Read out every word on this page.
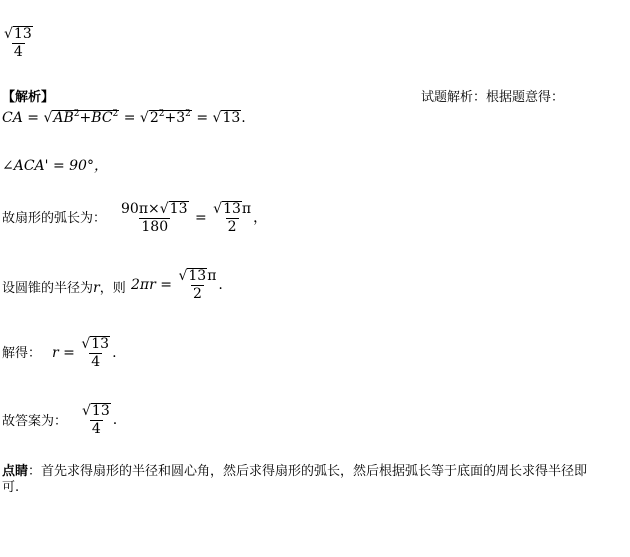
$\frac{√ 13}{4}$
【解析】	试题解析：根据题意得：
CA = √ $AB^2+BC^2$ = √ $2^2+3^2$ = √ 13 .
∠ACA' = 90°，
故扇形的弧长为： $\frac{90\pi\times √ 13}{180} = \frac{√ 13 \pi}{2}$ ，
设圆锥的半径为r，则 $2\pi r = \frac{√ 13 \pi}{2}$ .
解得： $r = \frac{√ 13}{4}$ .
故答案为： $\frac{√ 13}{4}$ .
点睛：首先求得扇形的半径和圆心角，然后求得扇形的弧长，然后根据弧长等于底面的周长求得半径即
可.
